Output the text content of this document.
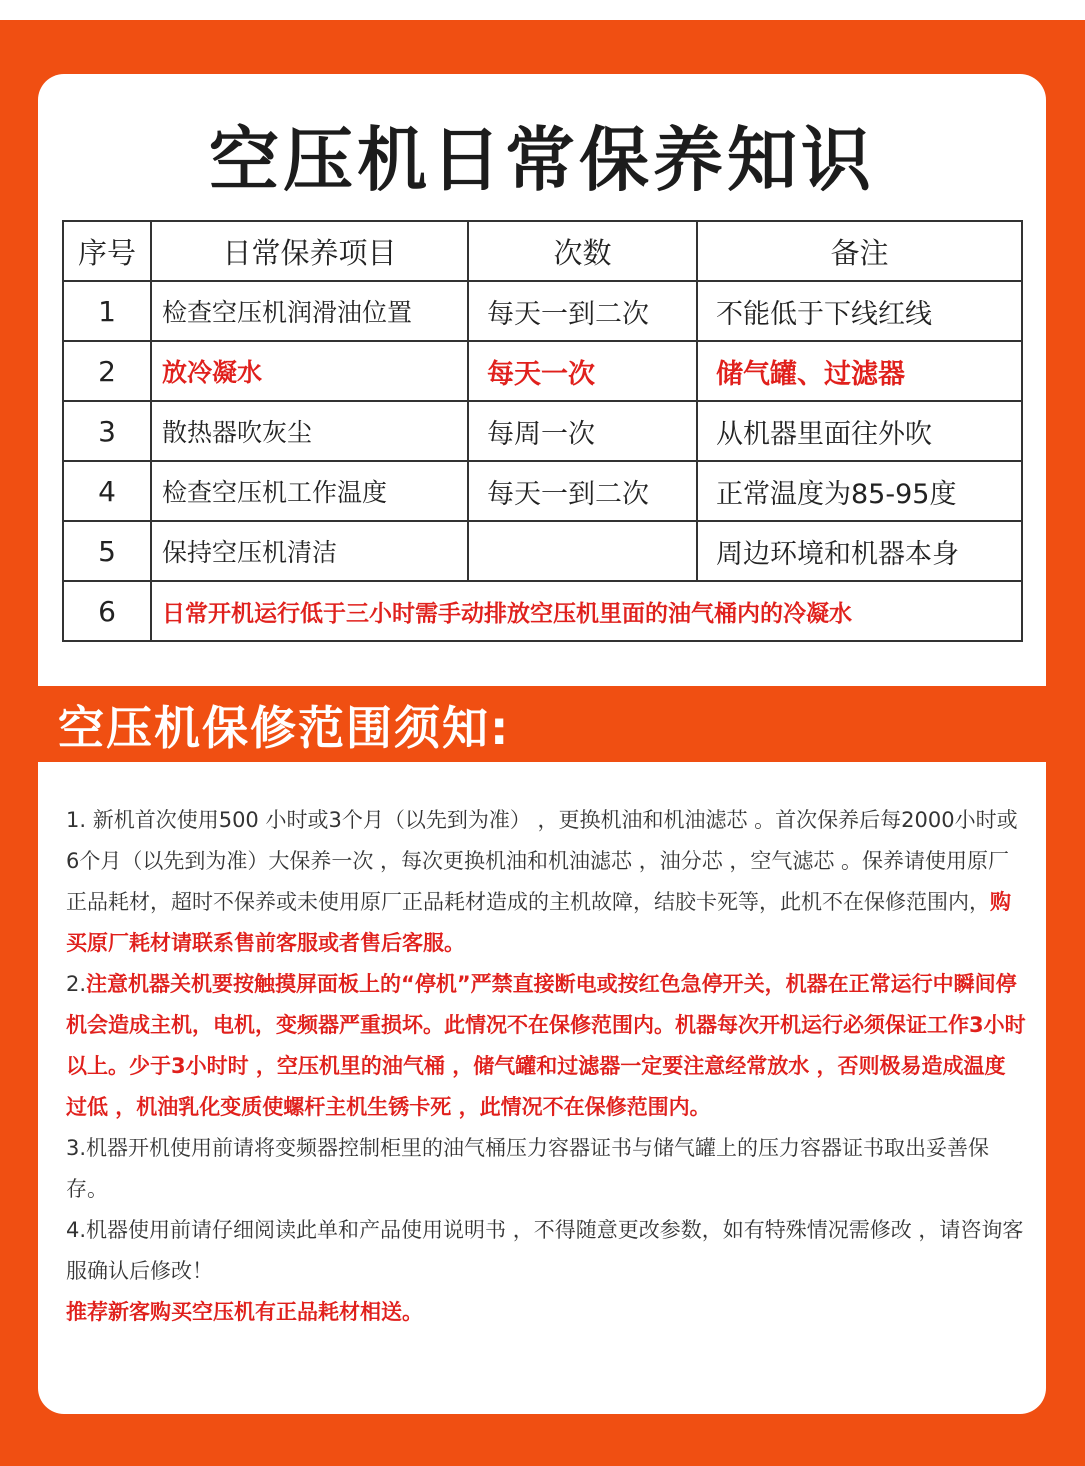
空压机日常保养知识
序号	日常保养项目	次数	备注
1	检查空压机润滑油位置	每天一到二次	不能低于下线红线
2	放冷凝水	每天一次	储气罐、过滤器
3	散热器吹灰尘	每周一次	从机器里面往外吹
4	检查空压机工作温度	每天一到二次	正常温度为85-95度
5	保持空压机清洁		周边环境和机器本身
6	日常开机运行低于三小时需手动排放空压机里面的油气桶内的冷凝水		
空压机保修范围须知:

1. 新机首次使用500 小时或3个月（以先到为准） ，更换机油和机油滤芯 。首次保养后每2000小时或6个月（以先到为准）大保养一次 ，每次更换机油和机油滤芯 ，油分芯 ，空气滤芯 。保养请使用原厂正品耗材，超时不保养或未使用原厂正品耗材造成的主机故障，结胶卡死等，此机不在保修范围内，购买原厂耗材请联系售前客服或者售后客服。

2.注意机器关机要按触摸屏面板上的“停机”严禁直接断电或按红色急停开关，机器在正常运行中瞬间停机会造成主机，电机，变频器严重损坏。此情况不在保修范围内。机器每次开机运行必须保证工作3小时以上。少于3小时时 ，空压机里的油气桶 ，储气罐和过滤器一定要注意经常放水 ，否则极易造成温度过低 ，机油乳化变质使螺杆主机生锈卡死 ，此情况不在保修范围内。

3.机器开机使用前请将变频器控制柜里的油气桶压力容器证书与储气罐上的压力容器证书取出妥善保存。

4.机器使用前请仔细阅读此单和产品使用说明书 ，不得随意更改参数，如有特殊情况需修改 ，请咨询客服确认后修改！

推荐新客购买空压机有正品耗材相送。
